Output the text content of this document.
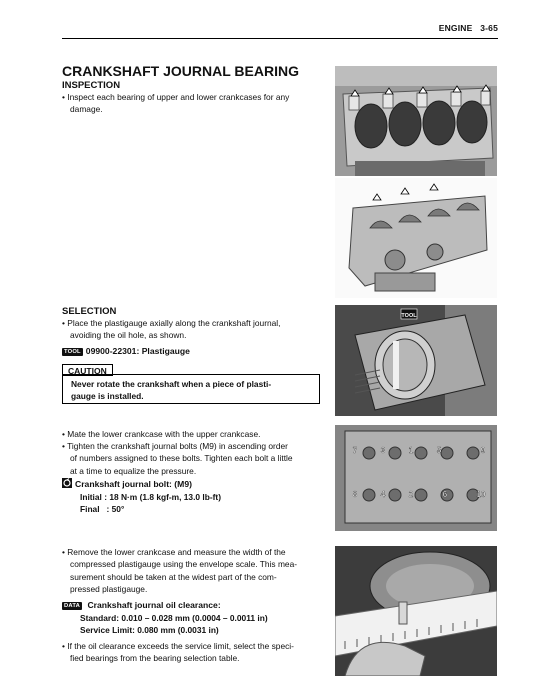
ENGINE 3-65
CRANKSHAFT JOURNAL BEARING
INSPECTION
• Inspect each bearing of upper and lower crankcases for any

damage.
SELECTION
• Place the plastigauge axially along the crankshaft journal,

avoiding the oil hole, as shown.
TOOL 09900-22301: Plastigauge
CAUTION
Never rotate the crankshaft when a piece of plasti-
gauge is installed.
• Mate the lower crankcase with the upper crankcase.
• Tighten the crankshaft journal bolts (M9) in ascending order

of numbers assigned to these bolts. Tighten each bolt a little
at a time to equalize the pressure.
Crankshaft journal bolt: (M9)
Initial : 18 N·m (1.8 kgf-m, 13.0 lb-ft)
Final   : 50°
• Remove the lower crankcase and measure the width of the

compressed plastigauge using the envelope scale. This mea-
surement should be taken at the widest part of the com-
pressed plastigauge.
DATA Crankshaft journal oil clearance:
Standard: 0.010 – 0.028 mm (0.0004 – 0.0011 in)
Service Limit: 0.080 mm (0.0031 in)
• If the oil clearance exceeds the service limit, select the speci-

fied bearings from the bearing selection table.
TOOL
7	3	1	5	9
8	4	2	6	10
